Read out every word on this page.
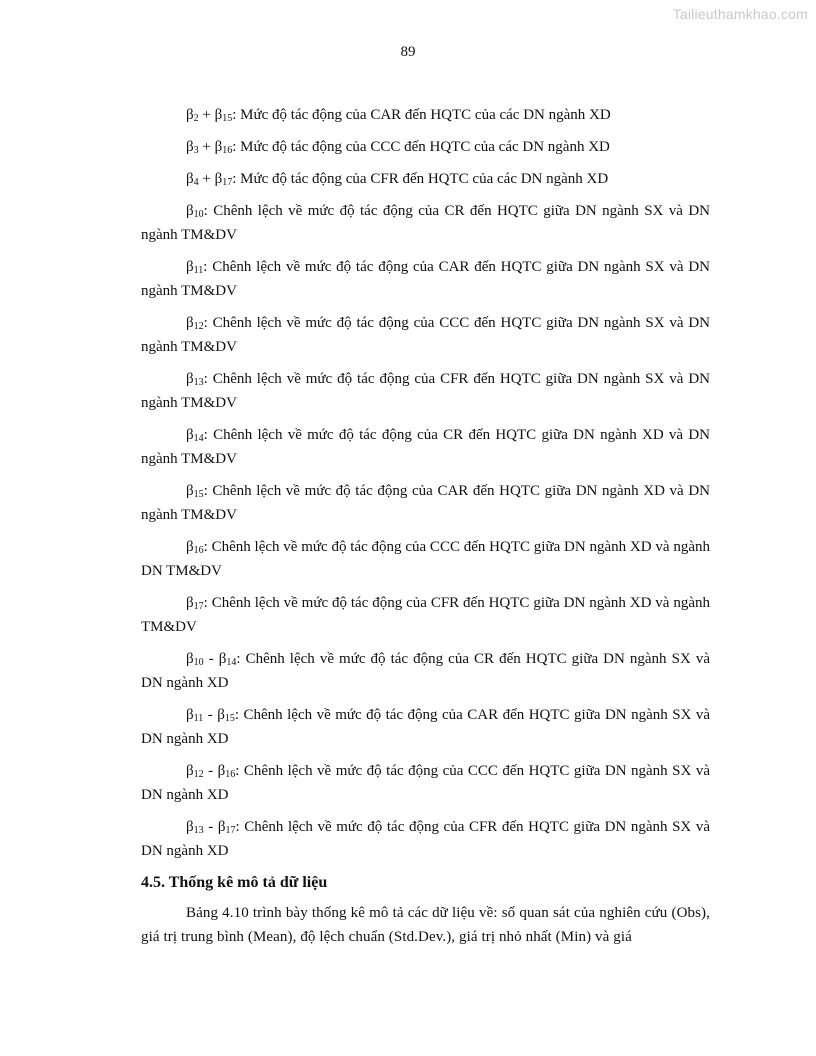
Tailieuthamkhao.com
89

$\beta_2 + \beta_{15}$: Mức độ tác động của CAR đến HQTC của các DN ngành XD

$\beta_3 + \beta_{16}$: Mức độ tác động của CCC đến HQTC của các DN ngành XD

$\beta_4 + \beta_{17}$: Mức độ tác động của CFR đến HQTC của các DN ngành XD

$\beta_{10}$: Chênh lệch về mức độ tác động của CR đến HQTC giữa DN ngành SX và DN ngành TM&DV

$\beta_{11}$: Chênh lệch về mức độ tác động của CAR đến HQTC giữa DN ngành SX và DN ngành TM&DV

$\beta_{12}$: Chênh lệch về mức độ tác động của CCC đến HQTC giữa DN ngành SX và DN ngành TM&DV

$\beta_{13}$: Chênh lệch về mức độ tác động của CFR đến HQTC giữa DN ngành SX và DN ngành TM&DV

$\beta_{14}$: Chênh lệch về mức độ tác động của CR đến HQTC giữa DN ngành XD và DN ngành TM&DV

$\beta_{15}$: Chênh lệch về mức độ tác động của CAR đến HQTC giữa DN ngành XD và DN ngành TM&DV

$\beta_{16}$: Chênh lệch về mức độ tác động của CCC đến HQTC giữa DN ngành XD và ngành DN TM&DV

$\beta_{17}$: Chênh lệch về mức độ tác động của CFR đến HQTC giữa DN ngành XD và ngành TM&DV

$\beta_{10} - \beta_{14}$: Chênh lệch về mức độ tác động của CR đến HQTC giữa DN ngành SX và DN ngành XD

$\beta_{11} - \beta_{15}$: Chênh lệch về mức độ tác động của CAR đến HQTC giữa DN ngành SX và DN ngành XD

$\beta_{12} - \beta_{16}$: Chênh lệch về mức độ tác động của CCC đến HQTC giữa DN ngành SX và DN ngành XD

$\beta_{13} - \beta_{17}$: Chênh lệch về mức độ tác động của CFR đến HQTC giữa DN ngành SX và DN ngành XD

4.5. Thống kê mô tả dữ liệu

Bảng 4.10 trình bày thống kê mô tả các dữ liệu về: số quan sát của nghiên cứu (Obs), giá trị trung bình (Mean), độ lệch chuẩn (Std.Dev.), giá trị nhỏ nhất (Min) và giá
